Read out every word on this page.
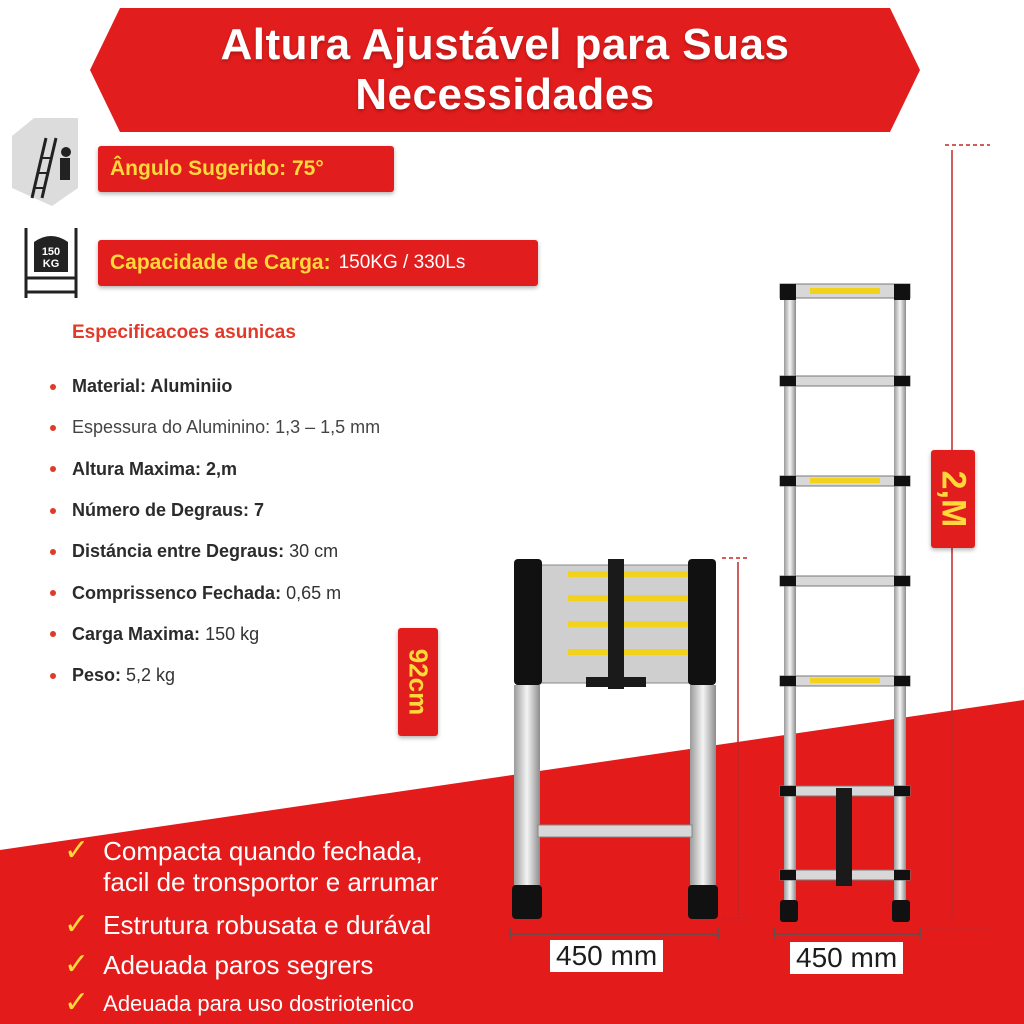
Altura Ajustável para Suas
Necessidades
Ângulo Sugerido: 75°
150
KG Capacidade de Carga: 150KG / 330Ls
Especificacoes asunicas
Material: Aluminiio
Espessura do Aluminino: 1,3 – 1,5 mm
Altura Maxima: 2,m
Número de Degraus: 7
Distáncia entre Degraus: 30 cm
Comprissenco Fechada: 0,65 m
Carga Maxima: 150 kg
Peso: 5,2 kg	92cm
2,M
450 mm	450 mm
✓ Compacta quando fechada,
facil de tronsportor e arrumar
✓ Estrutura robusata e durával
✓ Adeuada paros segrers
✓ Adeuada para uso dostriotenico
